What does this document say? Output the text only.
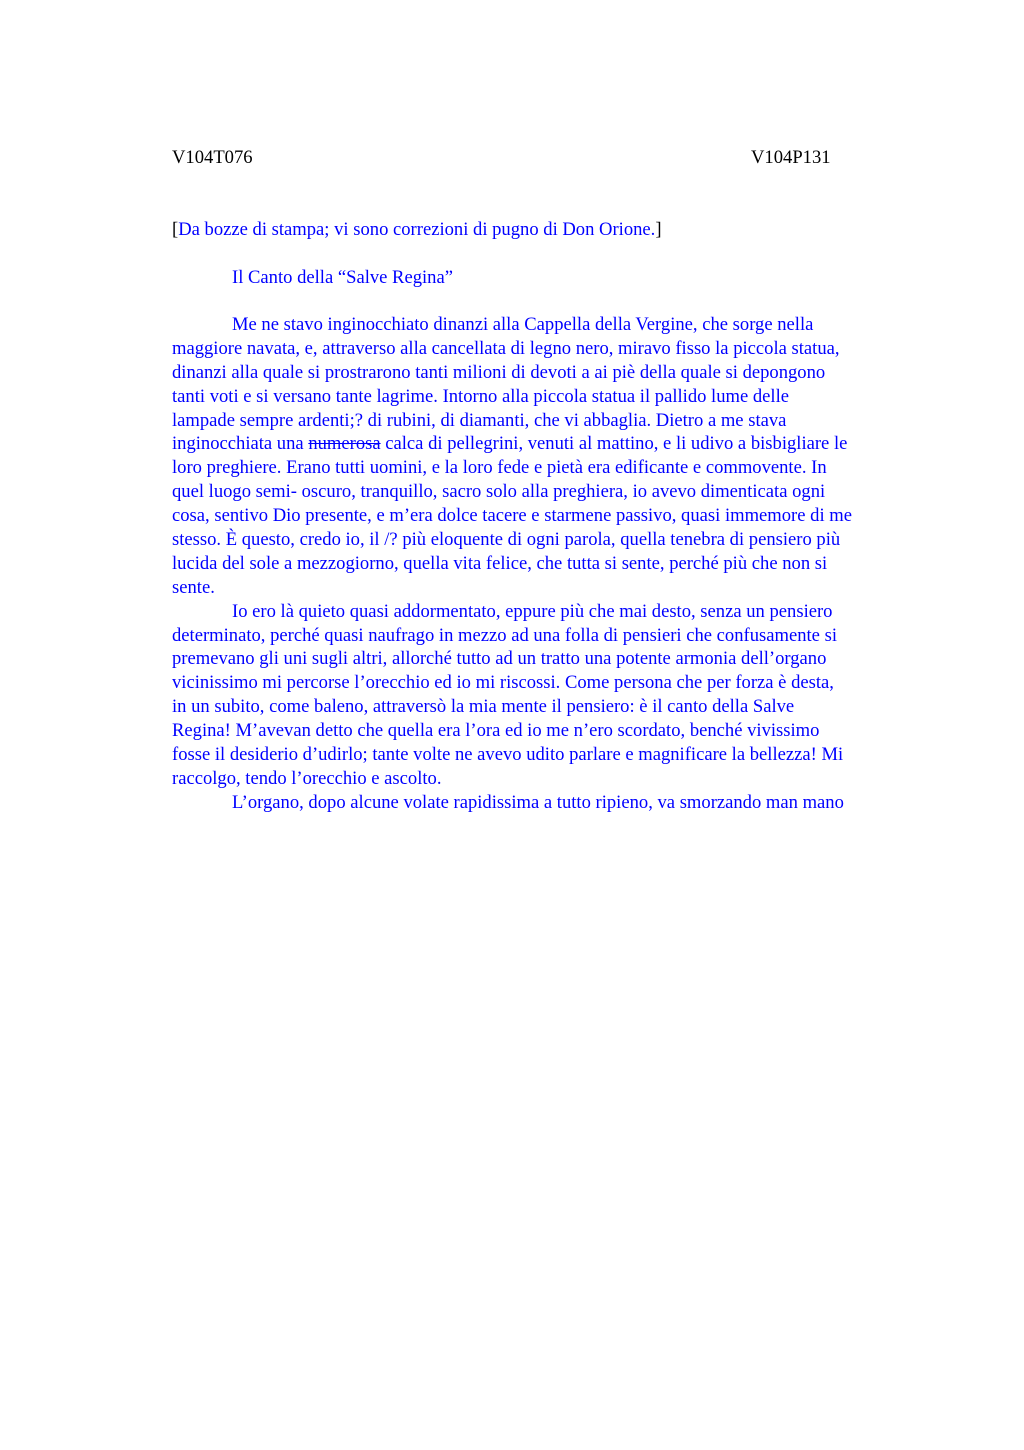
V104T076	V104P131
[Da bozze di stampa; vi sono correzioni di pugno di Don Orione.]
Il Canto della “Salve Regina”
Me ne stavo inginocchiato dinanzi alla Cappella della Vergine, che sorge nella
maggiore navata, e, attraverso alla cancellata di legno nero, miravo fisso la piccola statua,
dinanzi alla quale si prostrarono tanti milioni di devoti a ai piè della quale si depongono
tanti voti e si versano tante lagrime. Intorno alla piccola statua il pallido lume delle
lampade sempre ardenti;? di rubini, di diamanti, che vi abbaglia. Dietro a me stava
inginocchiata una numerosa calca di pellegrini, venuti al mattino, e li udivo a bisbigliare le
loro preghiere. Erano tutti uomini, e la loro fede e pietà era edificante e commovente. In
quel luogo semi- oscuro, tranquillo, sacro solo alla preghiera, io avevo dimenticata ogni
cosa, sentivo Dio presente, e m’era dolce tacere e starmene passivo, quasi immemore di me
stesso. È questo, credo io, il /? più eloquente di ogni parola, quella tenebra di pensiero più
lucida del sole a mezzogiorno, quella vita felice, che tutta si sente, perché più che non si
sente.
Io ero là quieto quasi addormentato, eppure più che mai desto, senza un pensiero
determinato, perché quasi naufrago in mezzo ad una folla di pensieri che confusamente si
premevano gli uni sugli altri, allorché tutto ad un tratto una potente armonia dell’organo
vicinissimo mi percorse l’orecchio ed io mi riscossi. Come persona che per forza è desta,
in un subito, come baleno, attraversò la mia mente il pensiero: è il canto della Salve
Regina! M’avevan detto che quella era l’ora ed io me n’ero scordato, benché vivissimo
fosse il desiderio d’udirlo; tante volte ne avevo udito parlare e magnificare la bellezza! Mi
raccolgo, tendo l’orecchio e ascolto.
L’organo, dopo alcune volate rapidissima a tutto ripieno, va smorzando man mano
